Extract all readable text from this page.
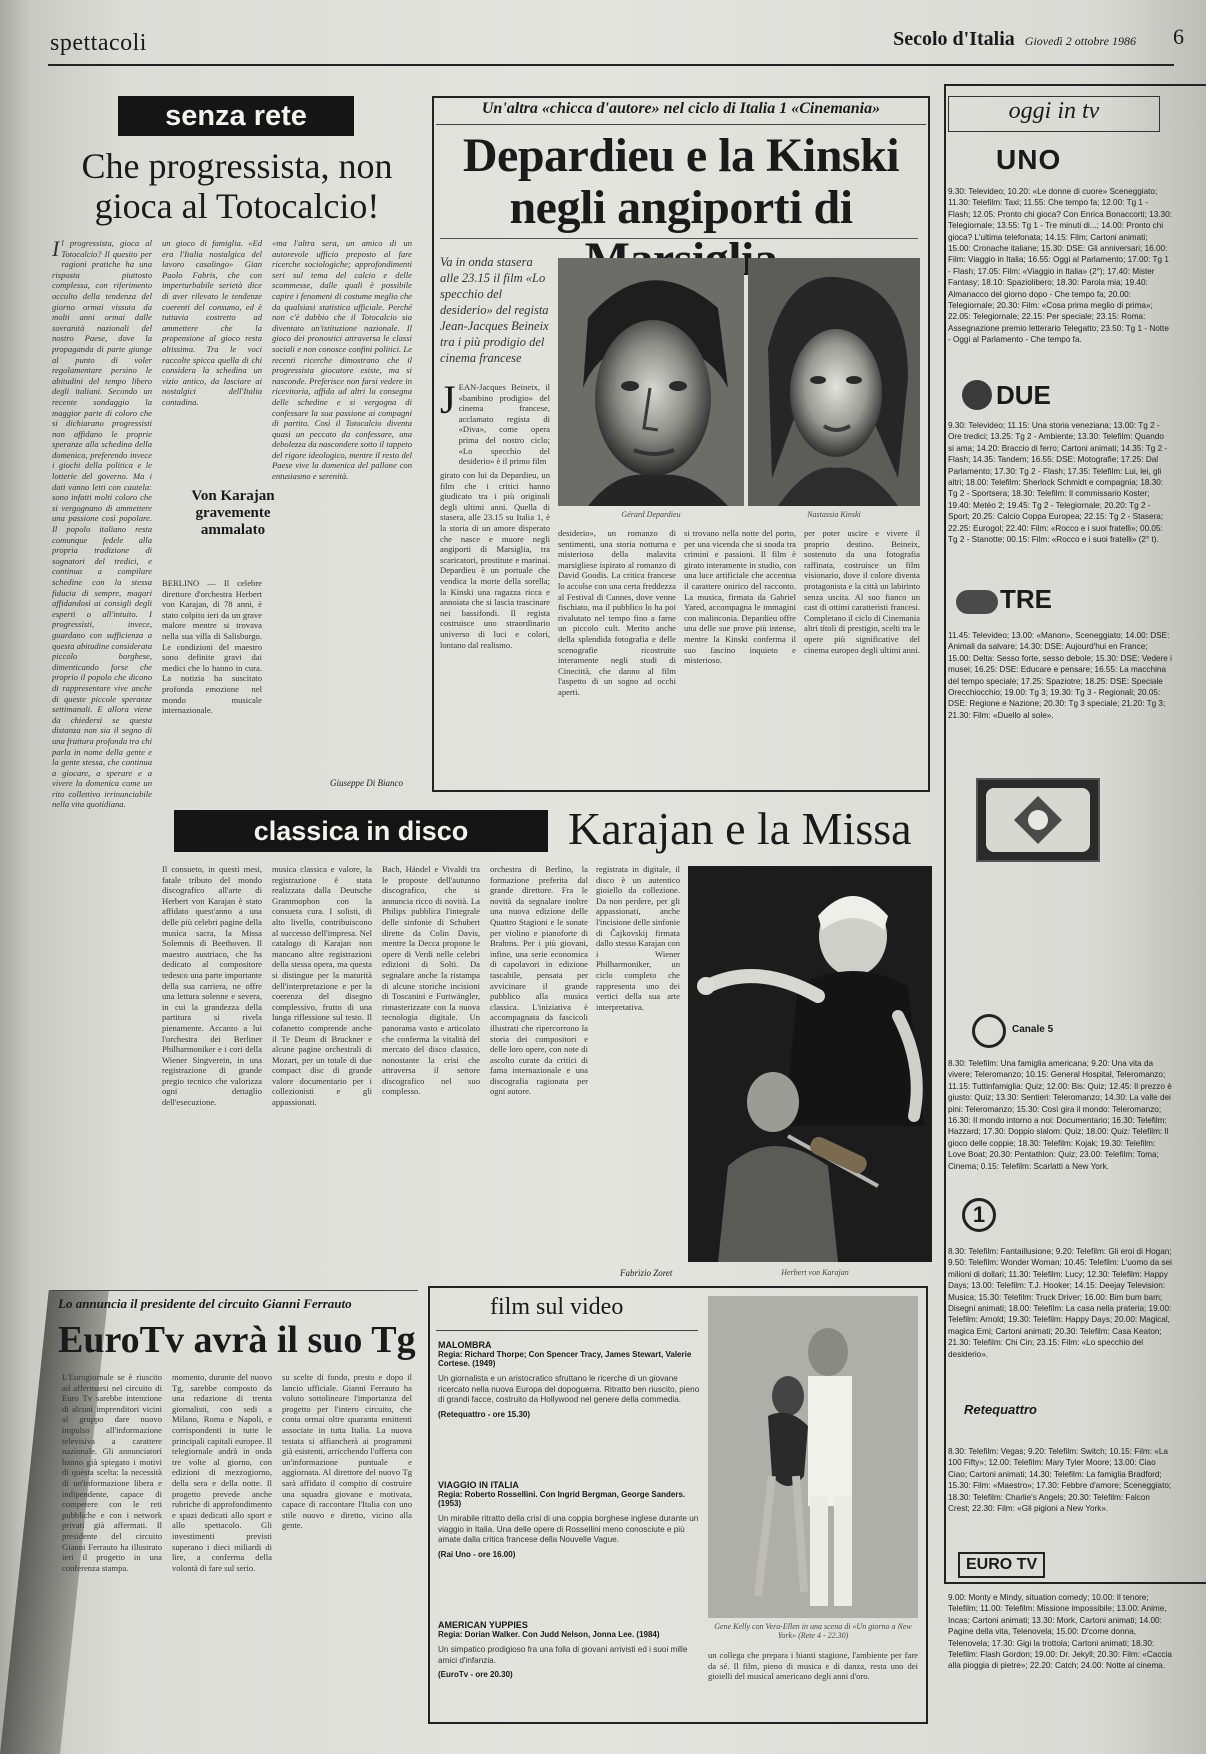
spettacoli	Secolo d'Italia Giovedì 2 ottobre 1986 6
senza rete
Che progressista, non gioca al Totocalcio!
I l progressista, gioca al Totocalcio? Il quesito per ragioni pratiche ha una risposta piuttosto complessa, con riferimento occulto della tendenza del giorno ormai vissuta da molti anni ormai dalle sovranità nazionali del nostro Paese, dove la propaganda di parte giunge al punto di voler regolamentare persino le abitudini del tempo libero degli italiani. Secondo un recente sondaggio la maggior parte di coloro che si dichiarano progressisti non affidano le proprie speranze alla schedina della domenica, preferendo invece i giochi della politica e le lotterie del governo. Ma i dati vanno letti con cautela: sono infatti molti coloro che si vergognano di ammettere una passione così popolare. Il popolo italiano resta comunque fedele alla propria tradizione di sognatori del tredici, e continua a compilare schedine con la stessa fiducia di sempre, magari affidandosi ai consigli degli esperti o all'intuito. I progressisti, invece, guardano con sufficienza a questa abitudine considerata piccolo borghese, dimenticando forse che proprio il popolo che dicono di rappresentare vive anche di queste piccole speranze settimanali. E allora viene da chiedersi se questa distanza non sia il segno di una frattura profonda tra chi parla in nome della gente e la gente stessa, che continua a giocare, a sperare e a vivere la domenica come un rito collettivo irrinunciabile nella vita quotidiana.
un gioco di famiglia. «Ed era l'Italia nostalgica del lavoro casalingo» Gian Paolo Fabris, che con imperturbabile serietà dice di aver rilevato le tendenze coerenti del consumo, ed è tuttavia costretto ad ammettere che la propensione al gioco resta altissima. Tra le voci raccolte spicca quella di chi considera la schedina un vizio antico, da lasciare ai nostalgici dell'Italia contadina.
Von Karajan gravemente ammalato
BERLINO — Il celebre direttore d'orchestra Herbert von Karajan, di 78 anni, è stato colpito ieri da un grave malore mentre si trovava nella sua villa di Salisburgo. Le condizioni del maestro sono definite gravi dai medici che lo hanno in cura. La notizia ha suscitato profonda emozione nel mondo musicale internazionale.
«ma l'altra sera, un amico di un autorevole ufficio preposto al fare ricerche sociologiche; approfondimenti seri sul tema del calcio e delle scommesse, dalle quali è possibile capire i fenomeni di costume meglio che da qualsiasi statistica ufficiale. Perché non c'è dubbio che il Totocalcio sia diventato un'istituzione nazionale. Il gioco dei pronostici attraversa le classi sociali e non conosce confini politici. Le recenti ricerche dimostrano che il progressista giocatore esiste, ma si nasconde. Preferisce non farsi vedere in ricevitoria, affida ad altri la consegna delle schedine e si vergogna di confessare la sua passione ai compagni di partito. Così il Totocalcio diventa quasi un peccato da confessare, una debolezza da nascondere sotto il tappeto del rigore ideologico, mentre il resto del Paese vive la domenica del pallone con entusiasmo e serenità.
Giuseppe Di Bianco
Un'altra «chicca d'autore» nel ciclo di Italia 1 «Cinemania»
Depardieu e la Kinski negli angiporti di
Va in onda stasera alle 23.15 il film «Lo specchio del desiderio» del regista Jean-Jacques Beineix tra i più prodigio del cinema francese
Gérard Depardieu	Nastassia Kinski
J EAN-Jacques Beineix, il «bambino prodigio» del cinema francese, acclamato regista di «Diva», come opera prima del nostro ciclo; «Lo specchio del desiderio» è il primo film
girato con lui da Depardieu, un film che i critici hanno giudicato tra i più originali degli ultimi anni. Quella di stasera, alle 23.15 su Italia 1, è la storia di un amore disperato che nasce e muore negli angiporti di Marsiglia, tra scaricatori, prostitute e marinai. Depardieu è un portuale che vendica la morte della sorella; la Kinski una ragazza ricca e annoiata che si lascia trascinare nei bassifondi. Il regista costruisce uno straordinario universo di luci e colori, lontano dal realismo.
desiderio», un romanzo di sentimenti, una storia notturna e misteriosa della malavita marsigliese ispirato al romanzo di David Goodis. La critica francese lo accolse con una certa freddezza al Festival di Cannes, dove venne fischiato, ma il pubblico lo ha poi rivalutato nel tempo fino a farne un piccolo cult. Merito anche della splendida fotografia e delle scenografie ricostruite interamente negli studi di Cinecittà, che danno al film l'aspetto di un sogno ad occhi aperti.
si trovano nella notte del porto, per una vicenda che si snoda tra crimini e passioni. Il film è girato interamente in studio, con una luce artificiale che accentua il carattere onirico del racconto. La musica, firmata da Gabriel Yared, accompagna le immagini con malinconia. Depardieu offre una delle sue prove più intense, mentre la Kinski conferma il suo fascino inquieto e misterioso.
per poter uscire e vivere il proprio destino. Beineix, sostenuto da una fotografia raffinata, costruisce un film visionario, dove il colore diventa protagonista e la città un labirinto senza uscita. Al suo fianco un cast di ottimi caratteristi francesi. Completano il ciclo di Cinemania altri titoli di prestigio, scelti tra le opere più significative del cinema europeo degli ultimi anni.
oggi in tv
UNO
9.30: Televideo; 10.20: «Le donne di cuore» Sceneggiato; 11.30: Telefilm: Taxi; 11.55: Che tempo fa; 12.00: Tg 1 - Flash; 12.05: Pronto chi gioca? Con Enrica Bonaccorti; 13.30: Telegiornale; 13.55: Tg 1 - Tre minuti di...; 14.00: Pronto chi gioca? L'ultima telefonata; 14.15: Film; Cartoni animati; 15.00: Cronache italiane; 15.30: DSE: Gli anniversari; 16.00: Film: Viaggio in Italia; 16.55: Oggi al Parlamento; 17.00: Tg 1 - Flash; 17.05: Film: «Viaggio in Italia» (2°); 17.40: Mister Fantasy; 18.10: Spaziolibero; 18.30: Parola mia; 19.40: Almanacco del giorno dopo - Che tempo fa; 20.00: Telegiornale; 20.30: Film: «Cosa prima meglio di prima»; 22.05: Telegiornale; 22.15: Per speciale; 23.15: Roma: Assegnazione premio letterario Telegatto; 23.50: Tg 1 - Notte - Oggi al Parlamento - Che tempo fa.
DUE
9.30: Televideo; 11.15: Una storia veneziana; 13.00: Tg 2 - Ore tredici; 13.25: Tg 2 - Ambiente; 13.30: Telefilm: Quando si ama; 14.20: Braccio di ferro; Cartoni animati; 14.35: Tg 2 - Flash; 14.35: Tandem; 16.55: DSE: Motografie; 17.25: Dal Parlamento; 17.30: Tg 2 - Flash; 17.35: Telefilm: Lui, lei, gli altri; 18.00: Telefilm: Sherlock Schmidt e compagnia; 18.30: Tg 2 - Sportsera; 18.30: Telefilm: Il commissario Koster; 19.40: Metéo 2; 19.45: Tg 2 - Telegiornale; 20.20: Tg 2 - Sport; 20.25: Calcio Coppa Europea; 22.15: Tg 2 - Stasera; 22.25: Eurogol; 22.40: Film: «Rocco e i suoi fratelli»; 00.05: Tg 2 - Stanotte; 00.15: Film: «Rocco e i suoi fratelli» (2° t).
TRE
11.45: Televideo; 13.00: «Manon», Sceneggiato; 14.00: DSE: Animali da salvare; 14.30: DSE: Aujourd'hui en France; 15.00: Delta: Sesso forte, sesso debole; 15.30: DSE: Vedere i musei; 16.25: DSE: Educare e pensare; 16.55: La macchina del tempo speciale; 17.25: Spaziotre; 18.25: DSE: Speciale Orecchiocchio; 19.00: Tg 3; 19.30: Tg 3 - Regionali; 20.05: DSE: Regione e Nazione; 20.30: Tg 3 speciale; 21.20: Tg 3; 21.30: Film: «Duello al sole».
Canale 5
8.30: Telefilm: Una famiglia americana; 9.20: Una vita da vivere; Teleromanzo; 10.15: General Hospital, Teleromanzo; 11.15: Tuttinfamiglia: Quiz; 12.00: Bis: Quiz; 12.45: Il prezzo è giusto: Quiz; 13.30: Sentieri: Teleromanzo; 14.30: La valle dei pini: Teleromanzo; 15.30: Così gira il mondo: Teleromanzo; 16.30: Il mondo intorno a noi: Documentario; 16.30: Telefilm: Hazzard; 17.30: Doppio slalom: Quiz; 18.00: Quiz: Telefilm: Il gioco delle coppie; 18.30: Telefilm: Kojak; 19.30: Telefilm: Love Boat; 20.30: Pentathlon: Quiz; 23.00: Telefilm: Toma; Cinema; 0.15: Telefilm: Scarlatti a New York.
1
8.30: Telefilm: Fantaillusione; 9.20: Telefilm: Gli eroi di Hogan; 9.50: Telefilm: Wonder Woman; 10.45: Telefilm: L'uomo da sei milioni di dollari; 11.30: Telefilm: Lucy; 12.30: Telefilm: Happy Days; 13.00: Telefilm: T.J. Hooker; 14.15: Deejay Television: Musica; 15.30: Telefilm: Truck Driver; 16.00: Bim bum bam; Disegni animati; 18.00: Telefilm: La casa nella prateria; 19.00: Telefilm: Arnold; 19.30: Telefilm: Happy Days; 20.00: Magical, magica Emi; Cartoni animati; 20.30: Telefilm: Casa Keaton; 21.30: Telefilm: Chi Cin; 23.15: Film: «Lo specchio del desiderio».
Retequattro
8.30: Telefilm: Vegas; 9.20: Telefilm: Switch; 10.15: Film: «La 100 Fifty»; 12.00: Telefilm: Mary Tyler Moore; 13.00: Ciao Ciao; Cartoni animati; 14.30: Telefilm: La famiglia Bradford; 15.30: Film: «Maestro»; 17.30: Febbre d'amore; Sceneggiato; 18.30: Telefilm: Charlie's Angels; 20.30: Telefilm: Falcon Crest; 22.30: Film: «Gli pigioni a New York».
EURO TV
9.00: Monty e Mindy, situation comedy; 10.00: Il tenore; Telefilm; 11.00: Telefilm: Missione impossibile; 13.00: Anime, Incas; Cartoni animati; 13.30: Mork, Cartoni animati; 14.00: Pagine della vita, Telenovela; 15.00: D'come donna, Telenovela; 17.30: Gigi la trottola; Cartoni animati; 18.30: Telefilm: Flash Gordon; 19.00: Dr. Jekyll; 20.30: Film: «Caccia alla pioggia di pietre»; 22.20: Catch; 24.00: Notte al cinema.
classica in disco	Karajan e la Missa
Il consueto, in questi mesi, fatale tributo del mondo discografico all'arte di Herbert von Karajan è stato affidato quest'anno a una delle più celebri pagine della musica sacra, la Missa Solemnis di Beethoven. Il maestro austriaco, che ha dedicato al compositore tedesco una parte importante della sua carriera, ne offre una lettura solenne e severa, in cui la grandezza della partitura si rivela pienamente. Accanto a lui l'orchestra dei Berliner Philharmoniker e i cori della Wiener Singverein, in una registrazione di grande pregio tecnico che valorizza ogni dettaglio dell'esecuzione.
musica classica e valore, la registrazione è stata realizzata dalla Deutsche Grammophon con la consueta cura. I solisti, di alto livello, contribuiscono al successo dell'impresa. Nel catalogo di Karajan non mancano altre registrazioni della stessa opera, ma questa si distingue per la maturità dell'interpretazione e per la coerenza del disegno complessivo, frutto di una lunga riflessione sul testo. Il cofanetto comprende anche il Te Deum di Bruckner e alcune pagine orchestrali di Mozart, per un totale di due compact disc di grande valore documentario per i collezionisti e gli appassionati.
Bach, Händel e Vivaldi tra le proposte dell'autunno discografico, che si annuncia ricco di novità. La Philips pubblica l'integrale delle sinfonie di Schubert dirette da Colin Davis, mentre la Decca propone le opere di Verdi nelle celebri edizioni di Solti. Da segnalare anche la ristampa di alcune storiche incisioni di Toscanini e Furtwängler, rimasterizzate con la nuova tecnologia digitale. Un panorama vasto e articolato che conferma la vitalità del mercato del disco classico, nonostante la crisi che attraversa il settore discografico nel suo complesso.
orchestra di Berlino, la formazione preferita dal grande direttore. Fra le novità da segnalare inoltre una nuova edizione delle Quattro Stagioni e le sonate per violino e pianoforte di Brahms. Per i più giovani, infine, una serie economica di capolavori in edizione tascabile, pensata per avvicinare il grande pubblico alla musica classica. L'iniziativa è accompagnata da fascicoli illustrati che ripercorrono la storia dei compositori e delle loro opere, con note di ascolto curate da critici di fama internazionale e una discografia ragionata per ogni autore.
registrata in digitale, il disco è un autentico gioiello da collezione. Da non perdere, per gli appassionati, anche l'incisione delle sinfonie di Čajkovskij firmata dallo stesso Karajan con i Wiener Philharmoniker, un ciclo completo che rappresenta uno dei vertici della sua arte interpretativa.
Fabrizio Zoret	Herbert von Karajan
Lo annuncia il presidente del circuito Gianni Ferrauto
EuroTv avrà il suo Tg
L'Eurogiornale se è riuscito ad affermarsi nel circuito di Euro Tv sarebbe intenzione di alcuni imprenditori vicini al gruppo dare nuovo impulso all'informazione televisiva a carattere nazionale. Gli annunciatori hanno già spiegato i motivi di questa scelta: la necessità di un'informazione libera e indipendente, capace di competere con le reti pubbliche e con i network privati già affermati. Il presidente del circuito Gianni Ferrauto ha illustrato ieri il progetto in una conferenza stampa.
momento, durante del nuovo Tg, sarebbe composto da una redazione di trenta giornalisti, con sedi a Milano, Roma e Napoli, e corrispondenti in tutte le principali capitali europee. Il telegiornale andrà in onda tre volte al giorno, con edizioni di mezzogiorno, della sera e della notte. Il progetto prevede anche rubriche di approfondimento e spazi dedicati allo sport e allo spettacolo. Gli investimenti previsti superano i dieci miliardi di lire, a conferma della volontà di fare sul serio.
su scelte di fondo, presto e dopo il lancio ufficiale. Gianni Ferrauto ha voluto sottolineare l'importanza del progetto per l'intero circuito, che conta ormai oltre quaranta emittenti associate in tutta Italia. La nuova testata si affiancherà ai programmi già esistenti, arricchendo l'offerta con un'informazione puntuale e aggiornata. Al direttore del nuovo Tg sarà affidato il compito di costruire una squadra giovane e motivata, capace di raccontare l'Italia con uno stile nuovo e diretto, vicino alla gente.
film sul video
MALOMBRA
Regia: Richard Thorpe; Con Spencer Tracy, James Stewart, Valerie Cortese. (1949)
Un giornalista e un aristocratico sfruttano le ricerche di un giovane ricercato nella nuova Europa del dopoguerra. Ritratto ben riuscito, pieno di grandi facce, costruito da Hollywood nel genere della commedia.
(Retequattro - ore 15.30)
VIAGGIO IN ITALIA
Regia: Roberto Rossellini. Con Ingrid Bergman, George Sanders. (1953)
Un mirabile ritratto della crisi di una coppia borghese inglese durante un viaggio in Italia. Una delle opere di Rossellini meno conosciute e più amate dalla critica francese della Nouvelle Vague.
(Rai Uno - ore 16.00)
AMERICAN YUPPIES
Regia: Dorian Walker. Con Judd Nelson, Jonna Lee. (1984)
Un simpatico prodigioso fra una folla di giovani arrivisti ed i suoi mille amici d'infanzia.
(EuroTv - ore 20.30)
Gene Kelly con Vera-Ellen in una scena di «Un giorno a New York» (Rete 4 - 22.30)
un collega che prepara i bianti stagione, l'ambiente per fare da sé. Il film, pieno di musica e di danza, resta uno dei gioielli del musical americano degli anni d'oro.
